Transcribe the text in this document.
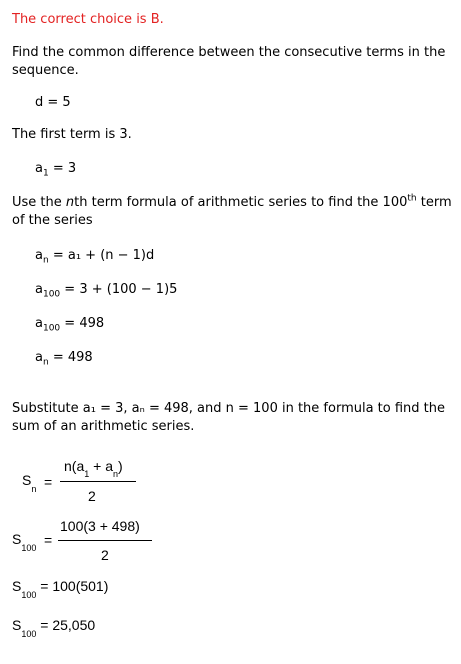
The correct choice is B.
Find the common difference between the consecutive terms in the sequence.
d = 5
The first term is 3.
$a_1 = 3$
Use the nth term formula of arithmetic series to find the 100th term of the series
$a_n = a_1 + (n - 1)d$
$a_{100} = 3 + (100 - 1)5$
$a_{100} = 498$
$a_n = 498$
Substitute a₁ = 3, aₙ = 498, and n = 100 in the formula to find the sum of an arithmetic series.
$S_n$ =
$n(a_1 + a_n)$
2
$S_{100}$ =
100(3 + 498)
2
$S_{100} = 100(501)$
$S_{100} = 25,050$
